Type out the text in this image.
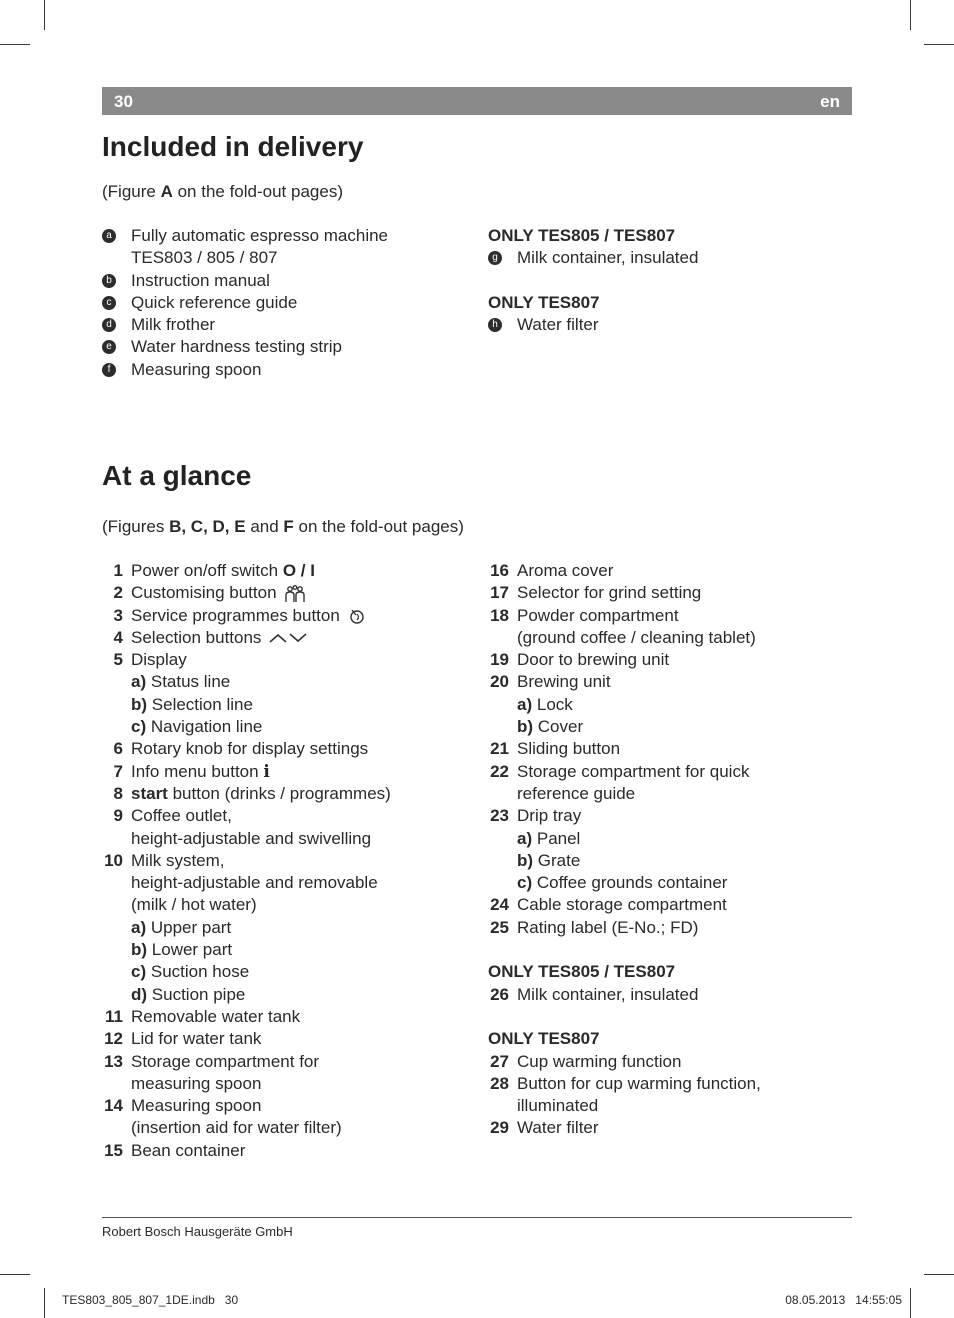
30	en
Included in delivery
(Figure A on the fold-out pages)
a Fully automatic espresso machine
TES803 / 805 / 807
b Instruction manual
c Quick reference guide
d Milk frother
e Water hardness testing strip
f	Measuring spoon
ONLY TES805 / TES807
g Milk container, insulated
ONLY TES807
h Water filter
At a glance
(Figures B, C, D, E and F on the fold-out pages)
1 Power on/off switch O / I
2 Customising button
3 Service programmes button
4 Selection buttons
5 Display
a) Status line
b) Selection line
c) Navigation line
6 Rotary knob for display settings
7 Info menu button i
8 start button (drinks / programmes)
9 Coffee outlet,
height-adjustable and swivelling
10 Milk system,
height-adjustable and removable
(milk / hot water)
a) Upper part
b) Lower part
c) Suction hose
d) Suction pipe
11 Removable water tank
12 Lid for water tank
13 Storage compartment for
measuring spoon
14 Measuring spoon
(insertion aid for water filter)
15 Bean container
16 Aroma cover
17 Selector for grind setting
18 Powder compartment
(ground coffee / cleaning tablet)
19 Door to brewing unit
20 Brewing unit
a) Lock
b) Cover
21 Sliding button
22 Storage compartment for quick
reference guide
23 Drip tray
a) Panel
b) Grate
c) Coffee grounds container
24 Cable storage compartment
25 Rating label (E-No.; FD)
ONLY TES805 / TES807
26 Milk container, insulated
ONLY TES807
27 Cup warming function
28 Button for cup warming function,
illuminated
29 Water filter
Robert Bosch Hausgeräte GmbH
TES803_805_807_1DE.indb   30	08.05.2013   14:55:05
